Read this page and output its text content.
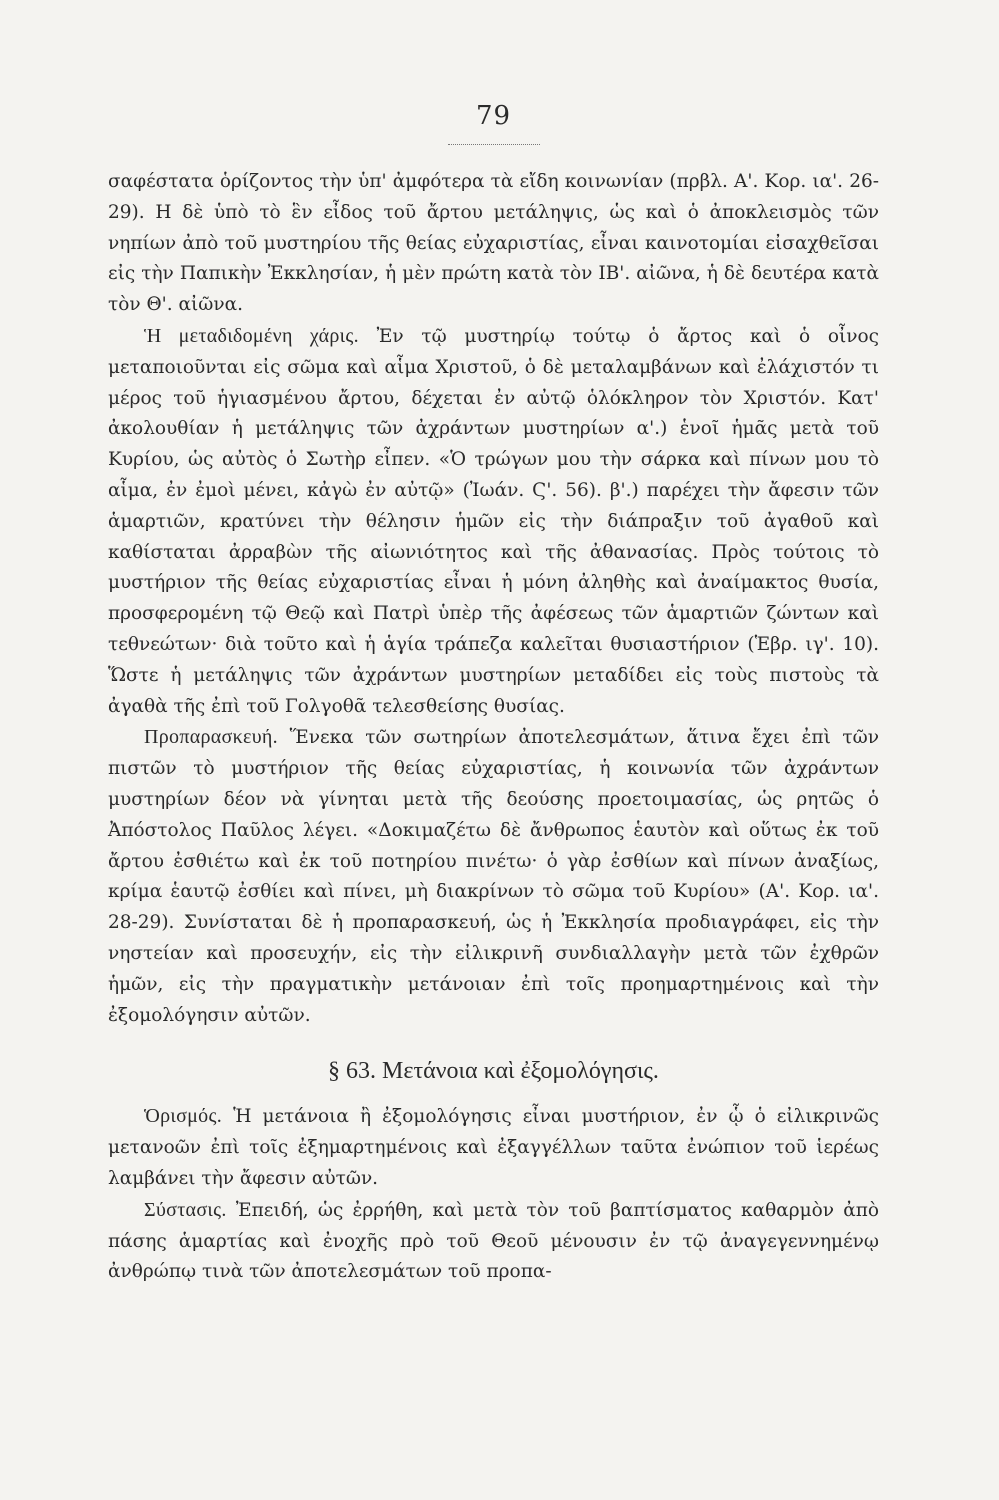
79

σαφέστατα ὁρίζοντος τὴν ὑπ' ἀμφότερα τὰ εἴδη κοινωνίαν (πρβλ. Α'. Κορ. ια'. 26-29). Η δὲ ὑπὸ τὸ ἓν εἶδος τοῦ ἄρτου μετάληψις, ὡς καὶ ὁ ἀποκλεισμὸς τῶν νηπίων ἀπὸ τοῦ μυστηρίου τῆς θείας εὐχαριστίας, εἶναι καινοτομίαι εἰσαχθεῖσαι εἰς τὴν Παπικὴν Ἐκκλησίαν, ἡ μὲν πρώτη κατὰ τὸν ΙΒ'. αἰῶνα, ἡ δὲ δευτέρα κατὰ τὸν Θ'. αἰῶνα.

Ἡ μεταδιδομένη χάρις. Ἐν τῷ μυστηρίῳ τούτῳ ὁ ἄρτος καὶ ὁ οἶνος μεταποιοῦνται εἰς σῶμα καὶ αἷμα Χριστοῦ, ὁ δὲ μεταλαμβάνων καὶ ἐλάχιστόν τι μέρος τοῦ ἡγιασμένου ἄρτου, δέχεται ἐν αὐτῷ ὁλόκληρον τὸν Χριστόν. Κατ' ἀκολουθίαν ἡ μετάληψις τῶν ἀχράντων μυστηρίων α'.) ἑνοῖ ἡμᾶς μετὰ τοῦ Κυρίου, ὡς αὐτὸς ὁ Σωτὴρ εἶπεν. «Ὁ τρώγων μου τὴν σάρκα καὶ πίνων μου τὸ αἷμα, ἐν ἐμοὶ μένει, κἀγὼ ἐν αὐτῷ» (Ἰωάν. Ϛ'. 56). β'.) παρέχει τὴν ἄφεσιν τῶν ἁμαρτιῶν, κρατύνει τὴν θέλησιν ἡμῶν εἰς τὴν διάπραξιν τοῦ ἀγαθοῦ καὶ καθίσταται ἀρραβὼν τῆς αἰωνιότητος καὶ τῆς ἀθανασίας. Πρὸς τούτοις τὸ μυστήριον τῆς θείας εὐχαριστίας εἶναι ἡ μόνη ἀληθὴς καὶ ἀναίμακτος θυσία, προσφερομένη τῷ Θεῷ καὶ Πατρὶ ὑπὲρ τῆς ἀφέσεως τῶν ἁμαρτιῶν ζώντων καὶ τεθνεώτων· διὰ τοῦτο καὶ ἡ ἁγία τράπεζα καλεῖται θυσιαστήριον (Ἑβρ. ιγ'. 10). Ὥστε ἡ μετάληψις τῶν ἀχράντων μυστηρίων μεταδίδει εἰς τοὺς πιστοὺς τὰ ἀγαθὰ τῆς ἐπὶ τοῦ Γολγοθᾶ τελεσθείσης θυσίας.

Προπαρασκευή. Ἕνεκα τῶν σωτηρίων ἀποτελεσμάτων, ἅτινα ἔχει ἐπὶ τῶν πιστῶν τὸ μυστήριον τῆς θείας εὐχαριστίας, ἡ κοινωνία τῶν ἀχράντων μυστηρίων δέον νὰ γίνηται μετὰ τῆς δεούσης προετοιμασίας, ὡς ρητῶς ὁ Ἀπόστολος Παῦλος λέγει. «Δοκιμαζέτω δὲ ἄνθρωπος ἑαυτὸν καὶ οὕτως ἐκ τοῦ ἄρτου ἐσθιέτω καὶ ἐκ τοῦ ποτηρίου πινέτω· ὁ γὰρ ἐσθίων καὶ πίνων ἀναξίως, κρίμα ἑαυτῷ ἐσθίει καὶ πίνει, μὴ διακρίνων τὸ σῶμα τοῦ Κυρίου» (Α'. Κορ. ια'. 28-29). Συνίσταται δὲ ἡ προπαρασκευή, ὡς ἡ Ἐκκλησία προδιαγράφει, εἰς τὴν νηστείαν καὶ προσευχήν, εἰς τὴν εἰλικρινῆ συνδιαλλαγὴν μετὰ τῶν ἐχθρῶν ἡμῶν, εἰς τὴν πραγματικὴν μετάνοιαν ἐπὶ τοῖς προημαρτημένοις καὶ τὴν ἐξομολόγησιν αὐτῶν.

§ 63. Μετάνοια καὶ ἐξομολόγησις.

Ὁρισμός. Ἡ μετάνοια ἢ ἐξομολόγησις εἶναι μυστήριον, ἐν ᾧ ὁ εἰλικρινῶς μετανοῶν ἐπὶ τοῖς ἐξημαρτημένοις καὶ ἐξαγγέλλων ταῦτα ἐνώπιον τοῦ ἱερέως λαμβάνει τὴν ἄφεσιν αὐτῶν.

Σύστασις. Ἐπειδή, ὡς ἐρρήθη, καὶ μετὰ τὸν τοῦ βαπτίσματος καθαρμὸν ἀπὸ πάσης ἁμαρτίας καὶ ἐνοχῆς πρὸ τοῦ Θεοῦ μένουσιν ἐν τῷ ἀναγεγεννημένῳ ἀνθρώπῳ τινὰ τῶν ἀποτελεσμάτων τοῦ προπα-
